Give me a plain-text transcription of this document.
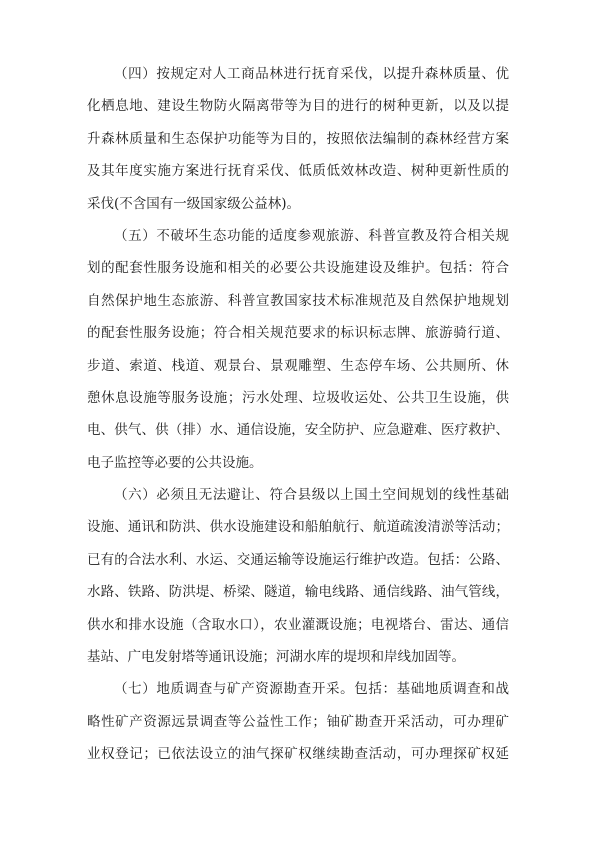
（四）按规定对人工商品林进行抚育采伐，以提升森林质量、优
化栖息地、建设生物防火隔离带等为目的进行的树种更新，以及以提
升森林质量和生态保护功能等为目的，按照依法编制的森林经营方案
及其年度实施方案进行抚育采伐、低质低效林改造、树种更新性质的
采伐(不含国有一级国家级公益林)。
（五）不破坏生态功能的适度参观旅游、科普宣教及符合相关规
划的配套性服务设施和相关的必要公共设施建设及维护。包括：符合
自然保护地生态旅游、科普宣教国家技术标准规范及自然保护地规划
的配套性服务设施；符合相关规范要求的标识标志牌、旅游骑行道、
步道、索道、栈道、观景台、景观雕塑、生态停车场、公共厕所、休
憩休息设施等服务设施；污水处理、垃圾收运处、公共卫生设施，供
电、供气、供（排）水、通信设施，安全防护、应急避难、医疗救护、
电子监控等必要的公共设施。
（六）必须且无法避让、符合县级以上国土空间规划的线性基础
设施、通讯和防洪、供水设施建设和船舶航行、航道疏浚清淤等活动；
已有的合法水利、水运、交通运输等设施运行维护改造。包括：公路、
水路、铁路、防洪堤、桥梁、隧道，输电线路、通信线路、油气管线，
供水和排水设施（含取水口），农业灌溉设施；电视塔台、雷达、通信
基站、广电发射塔等通讯设施；河湖水库的堤坝和岸线加固等。
（七）地质调查与矿产资源勘查开采。包括：基础地质调查和战
略性矿产资源远景调查等公益性工作；铀矿勘查开采活动，可办理矿
业权登记；已依法设立的油气探矿权继续勘查活动，可办理探矿权延
